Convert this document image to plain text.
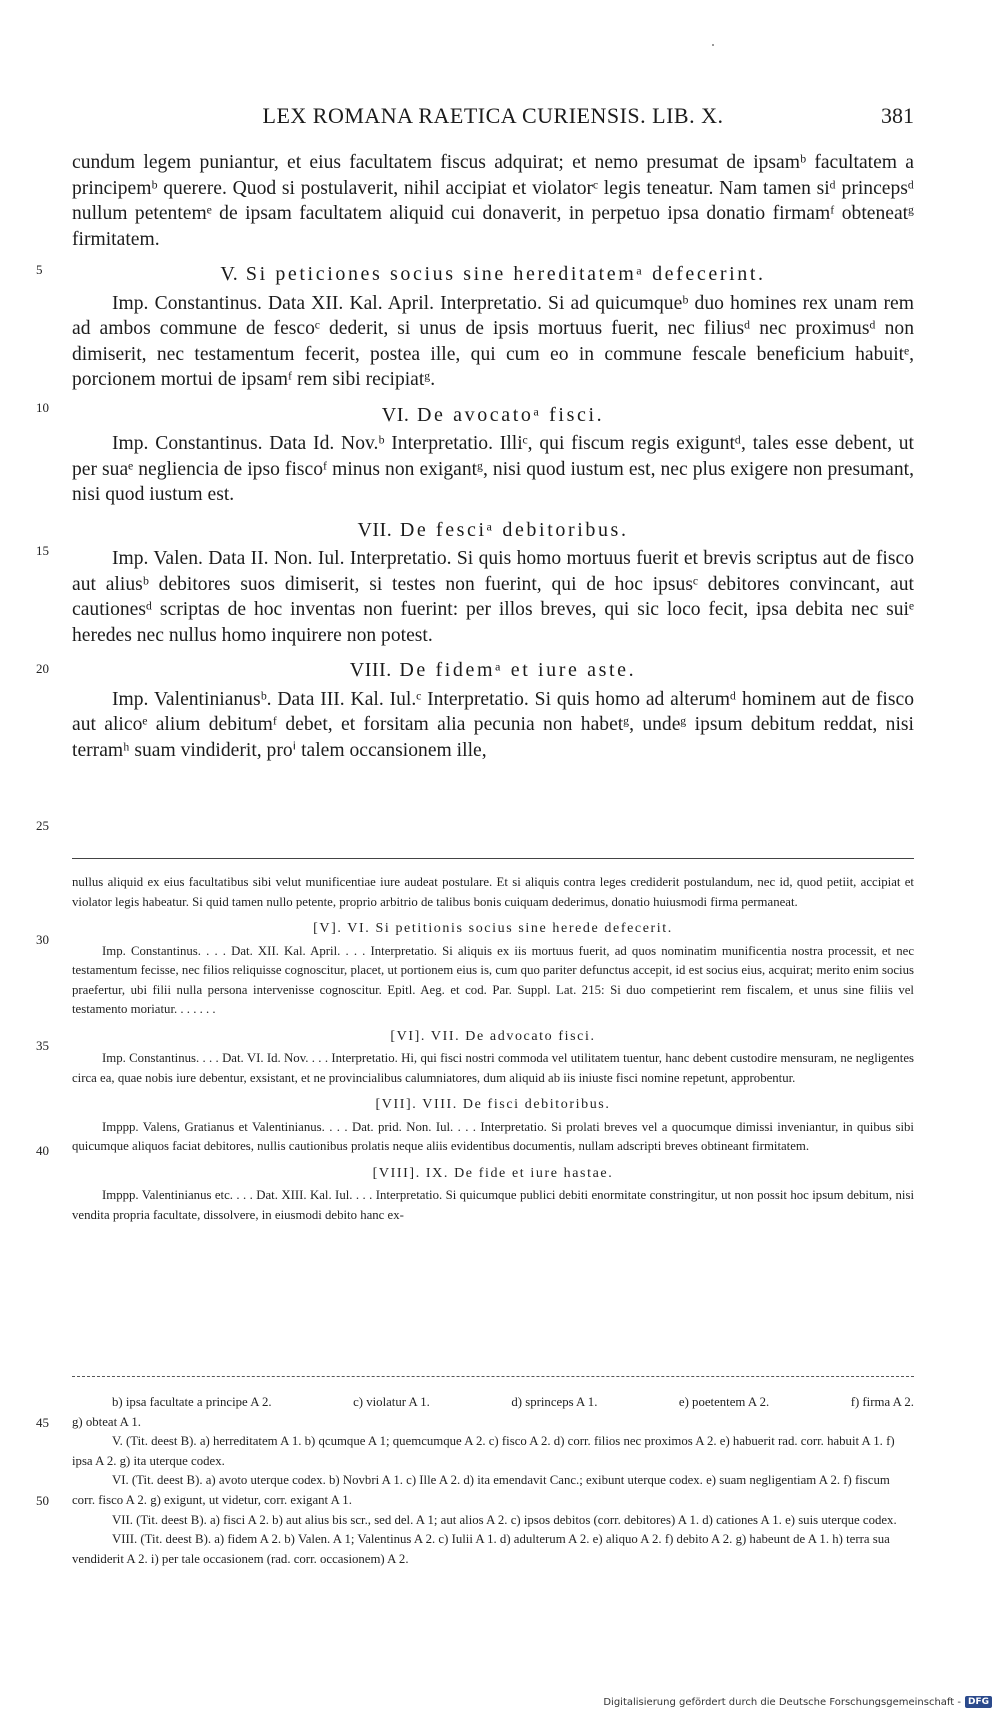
LEX ROMANA RAETICA CURIENSIS. LIB. X.	381
5
10
15
20
25
30
35
40
45
50

cundum legem puniantur, et eius facultatem fiscus adquirat; et nemo presumat de ipsamᵇ facultatem a principemᵇ querere. Quod si postulaverit, nihil accipiat et violatorᶜ legis teneatur. Nam tamen siᵈ princepsᵈ nullum petentemᵉ de ipsam facultatem aliquid cui donaverit, in perpetuo ipsa donatio firmamᶠ obteneatᵍ firmitatem.

V. Si peticiones socius sine hereditatemᵃ defecerint.

Imp. Constantinus. Data XII. Kal. April. Interpretatio. Si ad quicumqueᵇ duo homines rex unam rem ad ambos commune de fescoᶜ dederit, si unus de ipsis mortuus fuerit, nec filiusᵈ nec proximusᵈ non dimiserit, nec testamentum fecerit, postea ille, qui cum eo in commune fescale beneficium habuitᵉ, porcionem mortui de ipsamᶠ rem sibi recipiatᵍ.

VI. De avocatoᵃ fisci.

Imp. Constantinus. Data Id. Nov.ᵇ Interpretatio. Illiᶜ, qui fiscum regis exiguntᵈ, tales esse debent, ut per suaᵉ negliencia de ipso fiscoᶠ minus non exigantᵍ, nisi quod iustum est, nec plus exigere non presumant, nisi quod iustum est.

VII. De fesciᵃ debitoribus.

Imp. Valen. Data II. Non. Iul. Interpretatio. Si quis homo mortuus fuerit et brevis scriptus aut de fisco aut aliusᵇ debitores suos dimiserit, si testes non fuerint, qui de hoc ipsusᶜ debitores convincant, aut cautionesᵈ scriptas de hoc inventas non fuerint: per illos breves, qui sic loco fecit, ipsa debita nec suiᵉ heredes nec nullus homo inquirere non potest.

VIII. De fidemᵃ et iure aste.

Imp. Valentinianusᵇ. Data III. Kal. Iul.ᶜ Interpretatio. Si quis homo ad alterumᵈ hominem aut de fisco aut alicoᵉ alium debitumᶠ debet, et forsitam alia pecunia non habetᵍ, undeᵍ ipsum debitum reddat, nisi terramʰ suam vindiderit, proⁱ talem occansionem ille,

nullus aliquid ex eius facultatibus sibi velut munificentiae iure audeat postulare. Et si aliquis contra leges crediderit postulandum, nec id, quod petiit, accipiat et violator legis habeatur. Si quid tamen nullo petente, proprio arbitrio de talibus bonis cuiquam dederimus, donatio huiusmodi firma permaneat.

[V]. VI. Si petitionis socius sine herede defecerit.

Imp. Constantinus. . . . Dat. XII. Kal. April. . . . Interpretatio. Si aliquis ex iis mortuus fuerit, ad quos nominatim munificentia nostra processit, et nec testamentum fecisse, nec filios reliquisse cognoscitur, placet, ut portionem eius is, cum quo pariter defunctus accepit, id est socius eius, acquirat; merito enim socius praefertur, ubi filii nulla persona intervenisse cognoscitur. Epitl. Aeg. et cod. Par. Suppl. Lat. 215: Si duo competierint rem fiscalem, et unus sine filiis vel testamento moriatur. . . . . . .

[VI]. VII. De advocato fisci.

Imp. Constantinus. . . . Dat. VI. Id. Nov. . . . Interpretatio. Hi, qui fisci nostri commoda vel utilitatem tuentur, hanc debent custodire mensuram, ne negligentes circa ea, quae nobis iure debentur, exsistant, et ne provincialibus calumniatores, dum aliquid ab iis iniuste fisci nomine repetunt, approbentur.

[VII]. VIII. De fisci debitoribus.

Imppp. Valens, Gratianus et Valentinianus. . . . Dat. prid. Non. Iul. . . . Interpretatio. Si prolati breves vel a quocumque dimissi inveniantur, in quibus sibi quicumque aliquos faciat debitores, nullis cautionibus prolatis neque aliis evidentibus documentis, nullam adscripti breves obtineant firmitatem.

[VIII]. IX. De fide et iure hastae.

Imppp. Valentinianus etc. . . . Dat. XIII. Kal. Iul. . . . Interpretatio. Si quicumque publici debiti enormitate constringitur, ut non possit hoc ipsum debitum, nisi vendita propria facultate, dissolvere, in eiusmodi debito hanc ex-

b) ipsa facultate a principe A 2.	c) violatur A 1.	d) sprinceps A 1.	e) poetentem A 2.	f) firma A 2.

g) obteat A 1.

V. (Tit. deest B). a) herreditatem A 1. b) qcumque A 1; quemcumque A 2. c) fisco A 2. d) corr. filios nec proximos A 2. e) habuerit rad. corr. habuit A 1. f) ipsa A 2. g) ita uterque codex.

VI. (Tit. deest B). a) avoto uterque codex. b) Novbri A 1. c) Ille A 2. d) ita emendavit Canc.; exibunt uterque codex. e) suam negligentiam A 2. f) fiscum corr. fisco A 2. g) exigunt, ut videtur, corr. exigant A 1.

VII. (Tit. deest B). a) fisci A 2. b) aut alius bis scr., sed del. A 1; aut alios A 2. c) ipsos debitos (corr. debitores) A 1. d) cationes A 1. e) suis uterque codex.

VIII. (Tit. deest B). a) fidem A 2. b) Valen. A 1; Valentinus A 2. c) Iulii A 1. d) adulterum A 2. e) aliquo A 2. f) debito A 2. g) habeunt de A 1. h) terra sua vendiderit A 2. i) per tale occasionem (rad. corr. occasionem) A 2.

Digitalisierung gefördert durch die Deutsche Forschungsgemeinschaft - DFG
